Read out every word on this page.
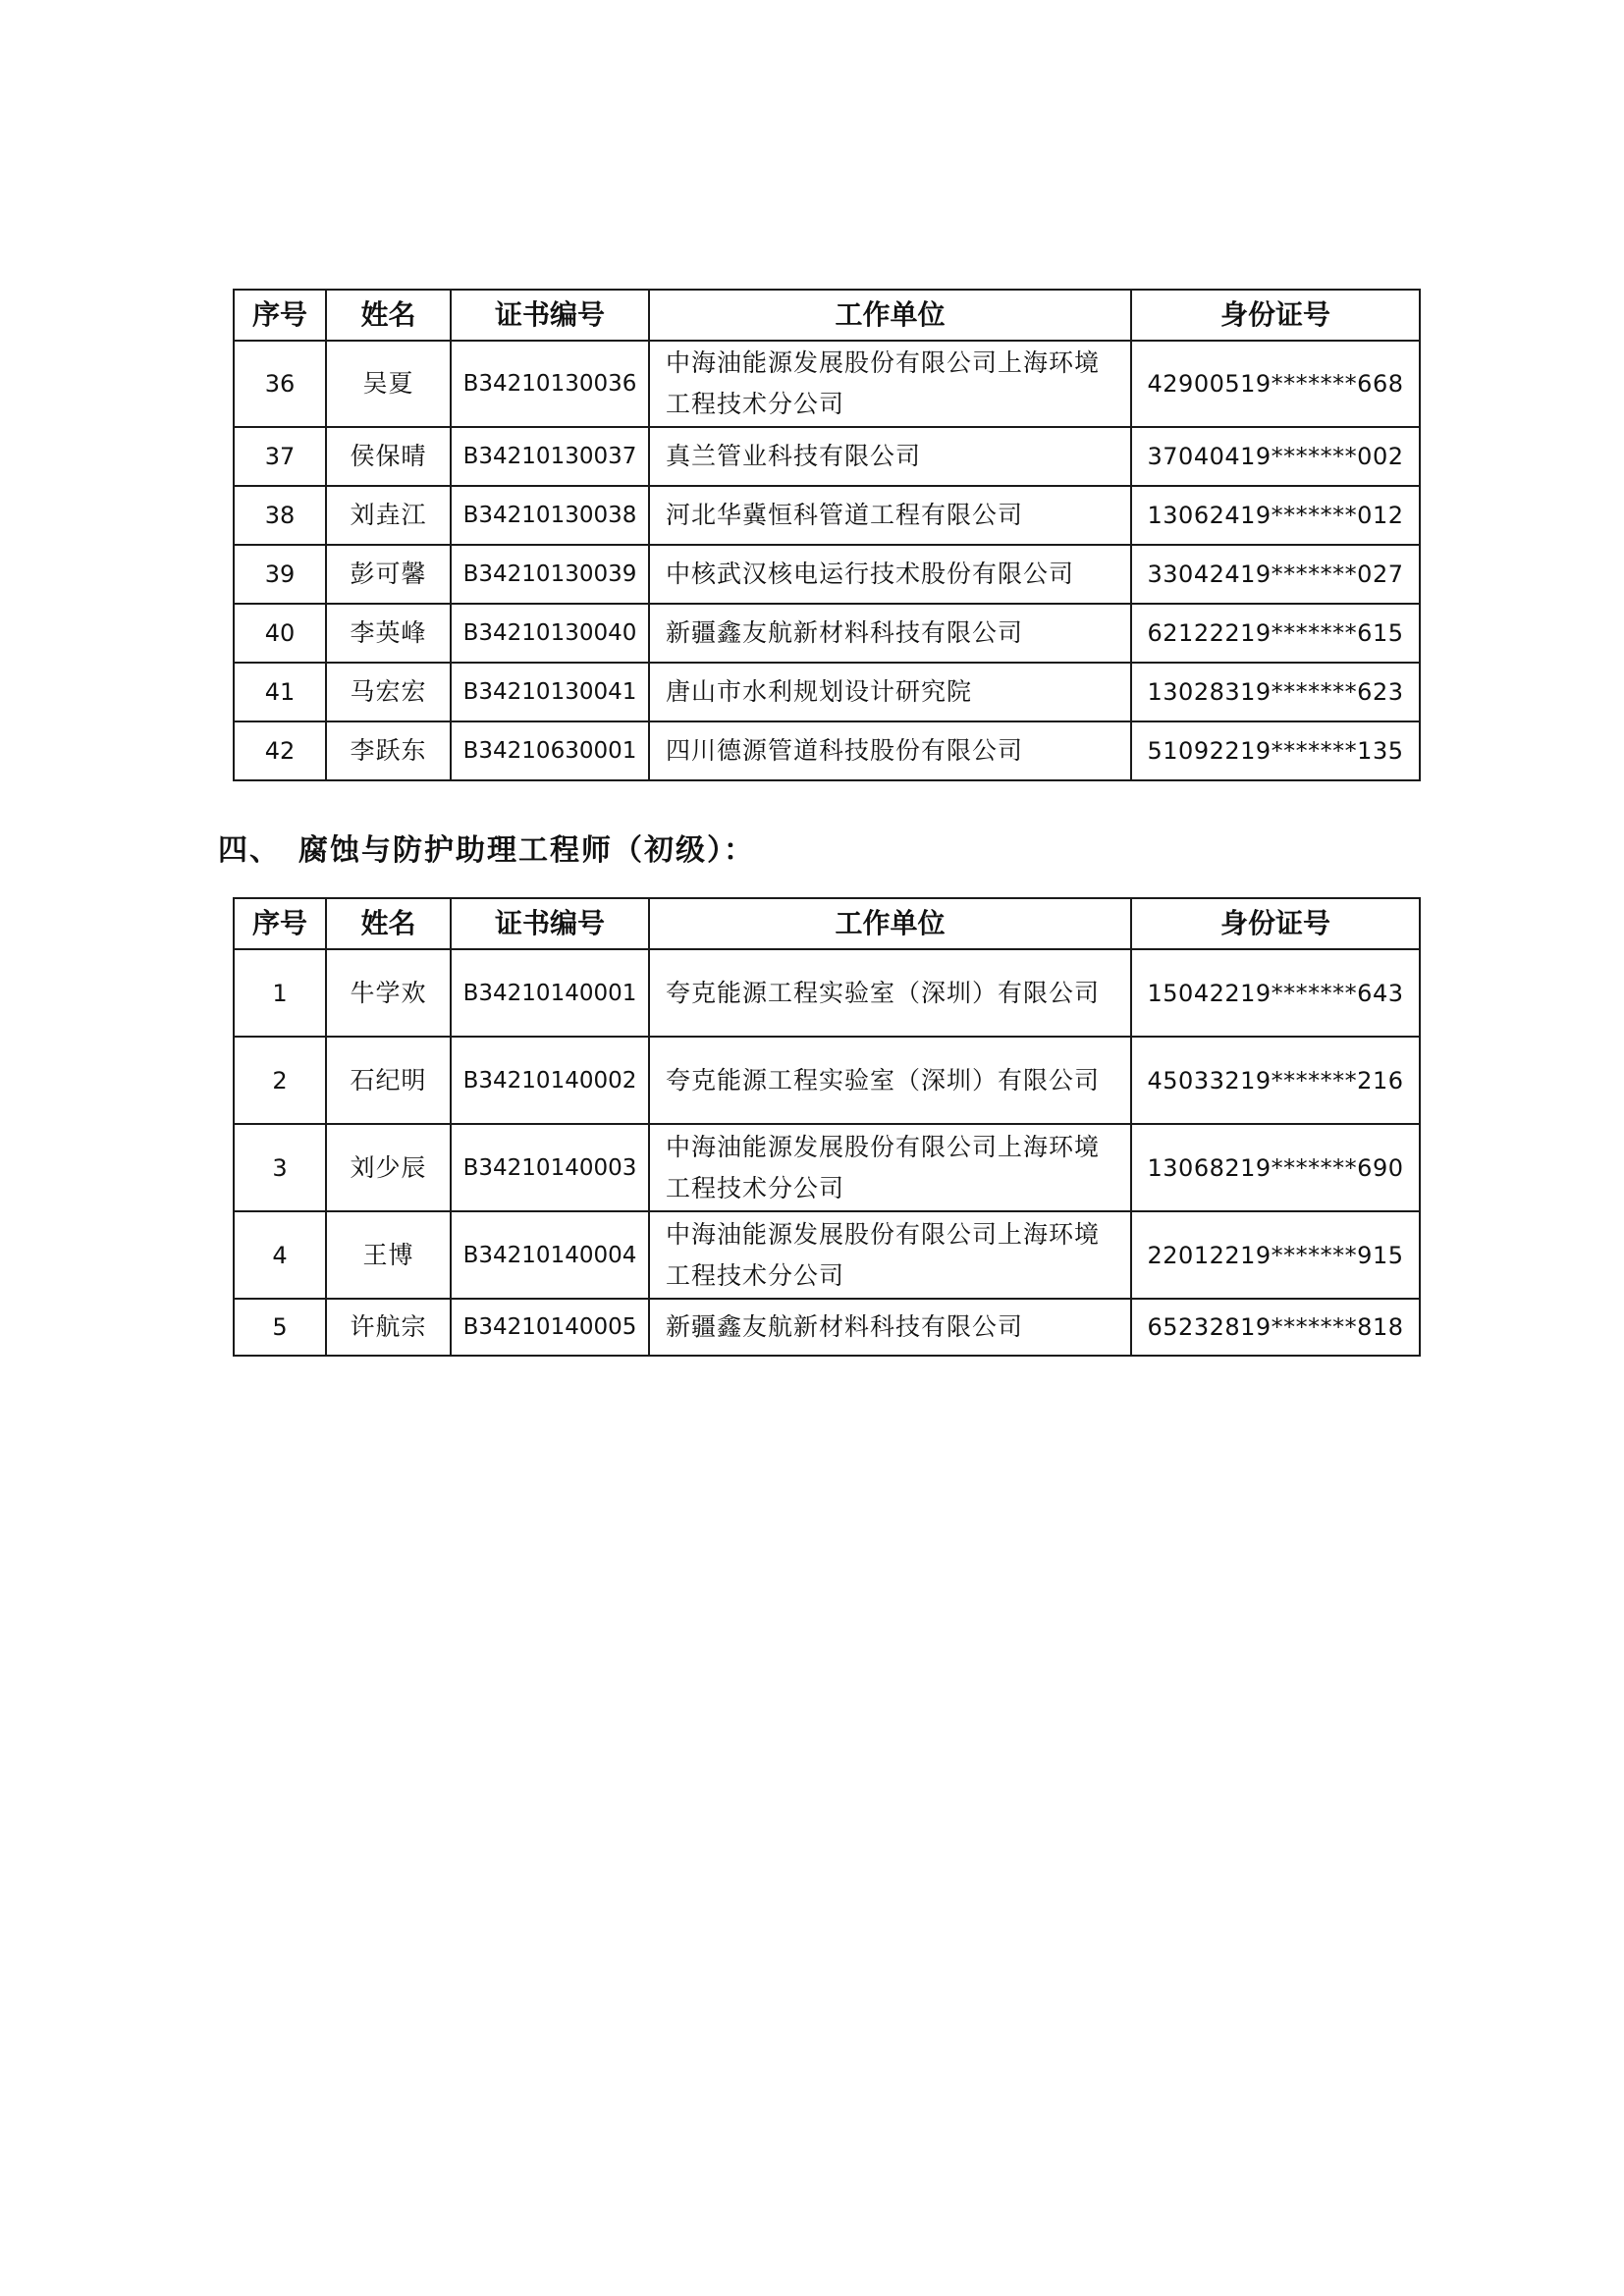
序号	姓名	证书编号	工作单位	身份证号
36	吴夏	B34210130036	中海油能源发展股份有限公司上海环境工程技术分公司	42900519*******668
37	侯保晴	B34210130037	真兰管业科技有限公司	37040419*******002
38	刘垚江	B34210130038	河北华冀恒科管道工程有限公司	13062419*******012
39	彭可馨	B34210130039	中核武汉核电运行技术股份有限公司	33042419*******027
40	李英峰	B34210130040	新疆鑫友航新材料科技有限公司	62122219*******615
41	马宏宏	B34210130041	唐山市水利规划设计研究院	13028319*******623
42	李跃东	B34210630001	四川德源管道科技股份有限公司	51092219*******135
四、 腐蚀与防护助理工程师（初级）：
序号	姓名	证书编号	工作单位	身份证号
1	牛学欢	B34210140001	夸克能源工程实验室（深圳）有限公司	15042219*******643
2	石纪明	B34210140002	夸克能源工程实验室（深圳）有限公司	45033219*******216
3	刘少辰	B34210140003	中海油能源发展股份有限公司上海环境工程技术分公司	13068219*******690
4	王博	B34210140004	中海油能源发展股份有限公司上海环境工程技术分公司	22012219*******915
5	许航宗	B34210140005	新疆鑫友航新材料科技有限公司	65232819*******818
